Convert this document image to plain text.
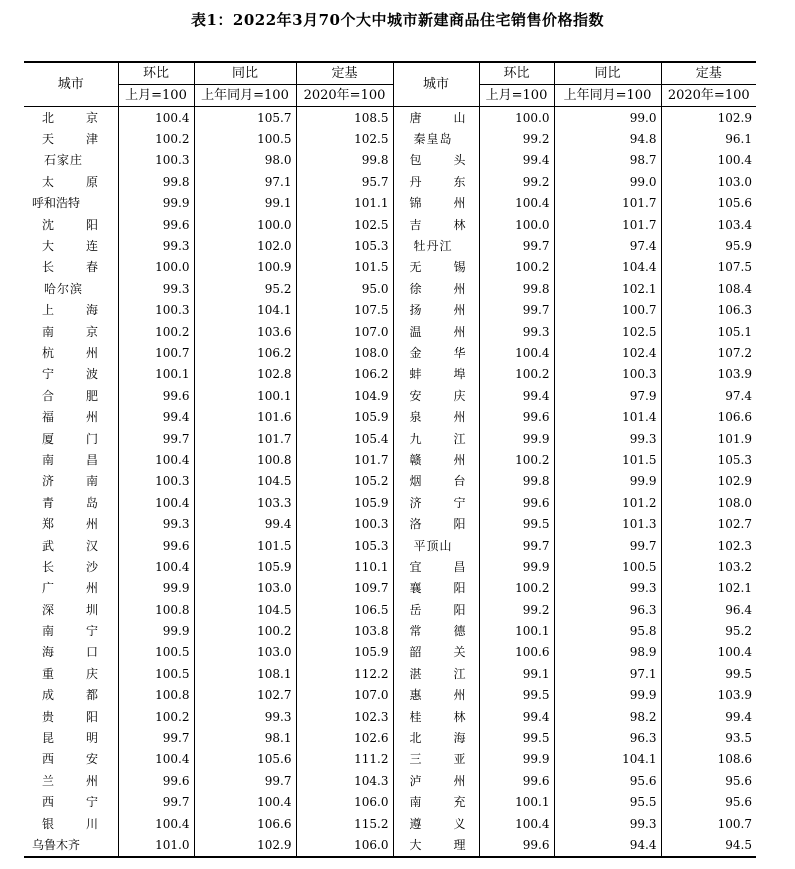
表1：2022年3月70个大中城市新建商品住宅销售价格指数
城市	环比	同比	定基	城市	环比	同比	定基
	上月=100	上年同月=100	2020年=100		上月=100	上年同月=100	2020年=100

北 京	100.4	105.7	108.5	唐 山	100.0	99.0	102.9

天 津	100.2	100.5	102.5	秦皇岛	99.2	94.8	96.1

石家庄	100.3	98.0	99.8	包 头	99.4	98.7	100.4

太 原	99.8	97.1	95.7	丹 东	99.2	99.0	103.0

呼和浩特	99.9	99.1	101.1	锦 州	100.4	101.7	105.6

沈 阳	99.6	100.0	102.5	吉 林	100.0	101.7	103.4

大 连	99.3	102.0	105.3	牡丹江	99.7	97.4	95.9

长 春	100.0	100.9	101.5	无 锡	100.2	104.4	107.5

哈尔滨	99.3	95.2	95.0	徐 州	99.8	102.1	108.4

上 海	100.3	104.1	107.5	扬 州	99.7	100.7	106.3

南 京	100.2	103.6	107.0	温 州	99.3	102.5	105.1

杭 州	100.7	106.2	108.0	金 华	100.4	102.4	107.2

宁 波	100.1	102.8	106.2	蚌 埠	100.2	100.3	103.9

合 肥	99.6	100.1	104.9	安 庆	99.4	97.9	97.4

福 州	99.4	101.6	105.9	泉 州	99.6	101.4	106.6

厦 门	99.7	101.7	105.4	九 江	99.9	99.3	101.9

南 昌	100.4	100.8	101.7	赣 州	100.2	101.5	105.3

济 南	100.3	104.5	105.2	烟 台	99.8	99.9	102.9

青 岛	100.4	103.3	105.9	济 宁	99.6	101.2	108.0

郑 州	99.3	99.4	100.3	洛 阳	99.5	101.3	102.7

武 汉	99.6	101.5	105.3	平顶山	99.7	99.7	102.3

长 沙	100.4	105.9	110.1	宜 昌	99.9	100.5	103.2

广 州	99.9	103.0	109.7	襄 阳	100.2	99.3	102.1

深 圳	100.8	104.5	106.5	岳 阳	99.2	96.3	96.4

南 宁	99.9	100.2	103.8	常 德	100.1	95.8	95.2

海 口	100.5	103.0	105.9	韶 关	100.6	98.9	100.4

重 庆	100.5	108.1	112.2	湛 江	99.1	97.1	99.5

成 都	100.8	102.7	107.0	惠 州	99.5	99.9	103.9

贵 阳	100.2	99.3	102.3	桂 林	99.4	98.2	99.4

昆 明	99.7	98.1	102.6	北 海	99.5	96.3	93.5

西 安	100.4	105.6	111.2	三 亚	99.9	104.1	108.6

兰 州	99.6	99.7	104.3	泸 州	99.6	95.6	95.6

西 宁	99.7	100.4	106.0	南 充	100.1	95.5	95.6

银 川	100.4	106.6	115.2	遵 义	100.4	99.3	100.7

乌鲁木齐	101.0	102.9	106.0	大 理	99.6	94.4	94.5
